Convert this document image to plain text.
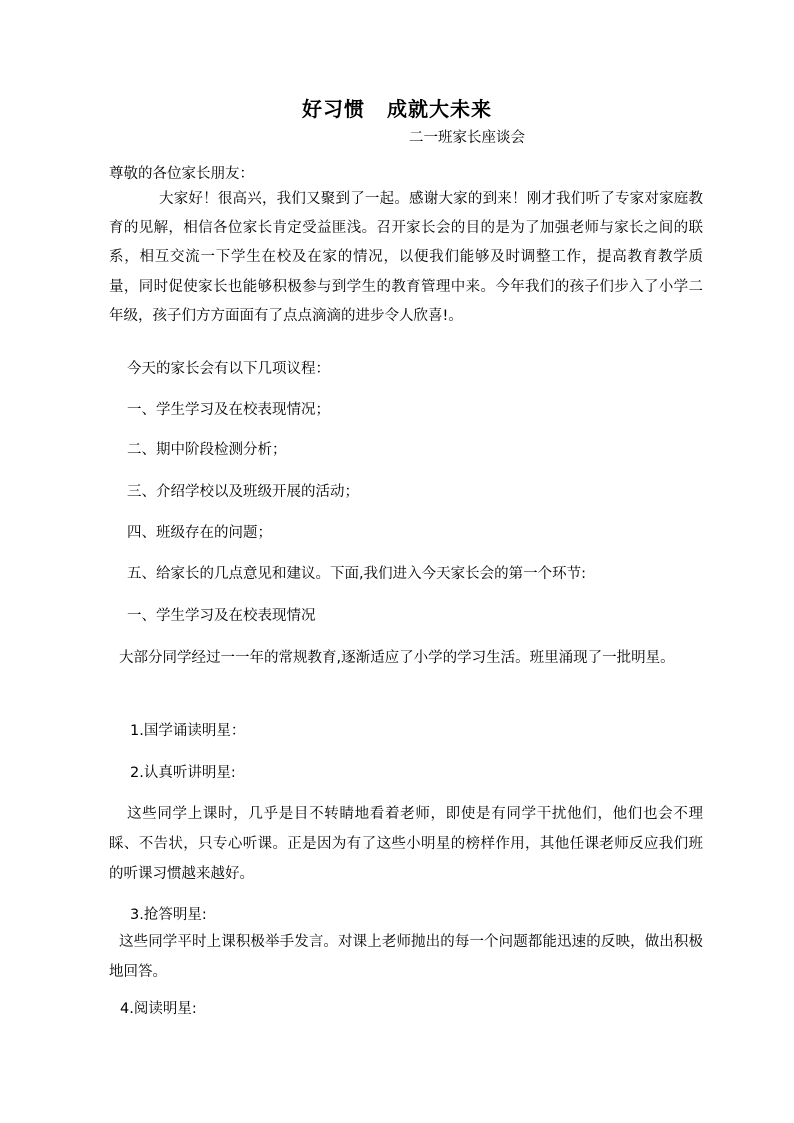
好习惯 成就大未来
二一班家长座谈会

尊敬的各位家长朋友：

大家好！很高兴，我们又聚到了一起。感谢大家的到来！刚才我们听了专家对家庭教育的见解，相信各位家长肯定受益匪浅。召开家长会的目的是为了加强老师与家长之间的联系，相互交流一下学生在校及在家的情况，以便我们能够及时调整工作，提高教育教学质量，同时促使家长也能够积极参与到学生的教育管理中来。今年我们的孩子们步入了小学二年级，孩子们方方面面有了点点滴滴的进步令人欣喜!。

今天的家长会有以下几项议程：

一、学生学习及在校表现情况；

二、期中阶段检测分析；

三、介绍学校以及班级开展的活动；

四、班级存在的问题；

五、给家长的几点意见和建议。下面,我们进入今天家长会的第一个环节:

一、学生学习及在校表现情况

大部分同学经过一一年的常规教育,逐渐适应了小学的学习生活。班里涌现了一批明星。

1.国学诵读明星：

2.认真听讲明星:

这些同学上课时，几乎是目不转睛地看着老师，即使是有同学干扰他们，他们也会不理睬、不告状，只专心听课。正是因为有了这些小明星的榜样作用，其他任课老师反应我们班的听课习惯越来越好。

3.抢答明星:

这些同学平时上课积极举手发言。对课上老师抛出的每一个问题都能迅速的反映，做出积极地回答。

4.阅读明星:
